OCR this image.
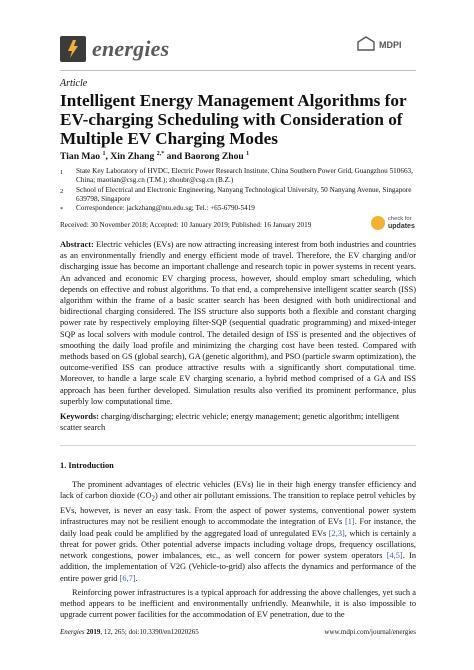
energies	MDPI
Article
Intelligent Energy Management Algorithms for EV-charging Scheduling with Consideration of Multiple EV Charging Modes
Tian Mao $^1$, Xin Zhang $^{2,*}$ and Baorong Zhou $^1$
1	State Key Laboratory of HVDC, Electric Power Research Institute, China Southern Power Grid, Guangzhou 510663, China; maotian@csg.cn (T.M.); zhoubr@csg.cn (B.Z.)
2	School of Electrical and Electronic Engineering, Nanyang Technological University, 50 Nanyang Avenue, Singapore 639798, Singapore
*	Correspondence: jackzhang@ntu.edu.sg; Tel.: +65-6790-5419
Received: 30 November 2018; Accepted: 10 January 2019; Published: 16 January 2019
check for
updates
Abstract: Electric vehicles (EVs) are now attracting increasing interest from both industries and countries as an environmentally friendly and energy efficient mode of travel. Therefore, the EV charging and/or discharging issue has become an important challenge and research topic in power systems in recent years. An advanced and economic EV charging process, however, should employ smart scheduling, which depends on effective and robust algorithms. To that end, a comprehensive intelligent scatter search (ISS) algorithm within the frame of a basic scatter search has been designed with both unidirectional and bidirectional charging considered. The ISS structure also supports both a flexible and constant charging power rate by respectively employing filter-SQP (sequential quadratic programming) and mixed-integer SQP as local solvers with module control. The detailed design of ISS is presented and the objectives of smoothing the daily load profile and minimizing the charging cost have been tested. Compared with methods based on GS (global search), GA (genetic algorithm), and PSO (particle swarm optimization), the outcome-verified ISS can produce attractive results with a significantly short computational time. Moreover, to handle a large scale EV charging scenario, a hybrid method comprised of a GA and ISS approach has been further developed. Simulation results also verified its prominent performance, plus superbly low computational time.
Keywords: charging/discharging; electric vehicle; energy management; genetic algorithm; intelligent scatter search
1. Introduction

The prominent advantages of electric vehicles (EVs) lie in their high energy transfer efficiency and lack of carbon dioxide $(CO_2)$ and other air pollutant emissions. The transition to replace petrol vehicles by EVs, however, is never an easy task. From the aspect of power systems, conventional power system infrastructures may not be resilient enough to accommodate the integration of EVs [1]. For instance, the daily load peak could be amplified by the aggregated load of unregulated EVs [2,3], which is certainly a threat for power grids. Other potential adverse impacts including voltage drops, frequency oscillations, network congestions, power imbalances, etc., as well concern for power system operators [4,5]. In addition, the implementation of V2G (Vehicle-to-grid) also affects the dynamics and performance of the entire power grid [6,7].

Reinforcing power infrastructures is a typical approach for addressing the above challenges, yet such a method appears to be inefficient and environmentally unfriendly. Meanwhile, it is also impossible to upgrade current power facilities for the accommodation of EV penetration, due to the

Energies 2019, 12, 265; doi:10.3390/en12020265	www.mdpi.com/journal/energies
